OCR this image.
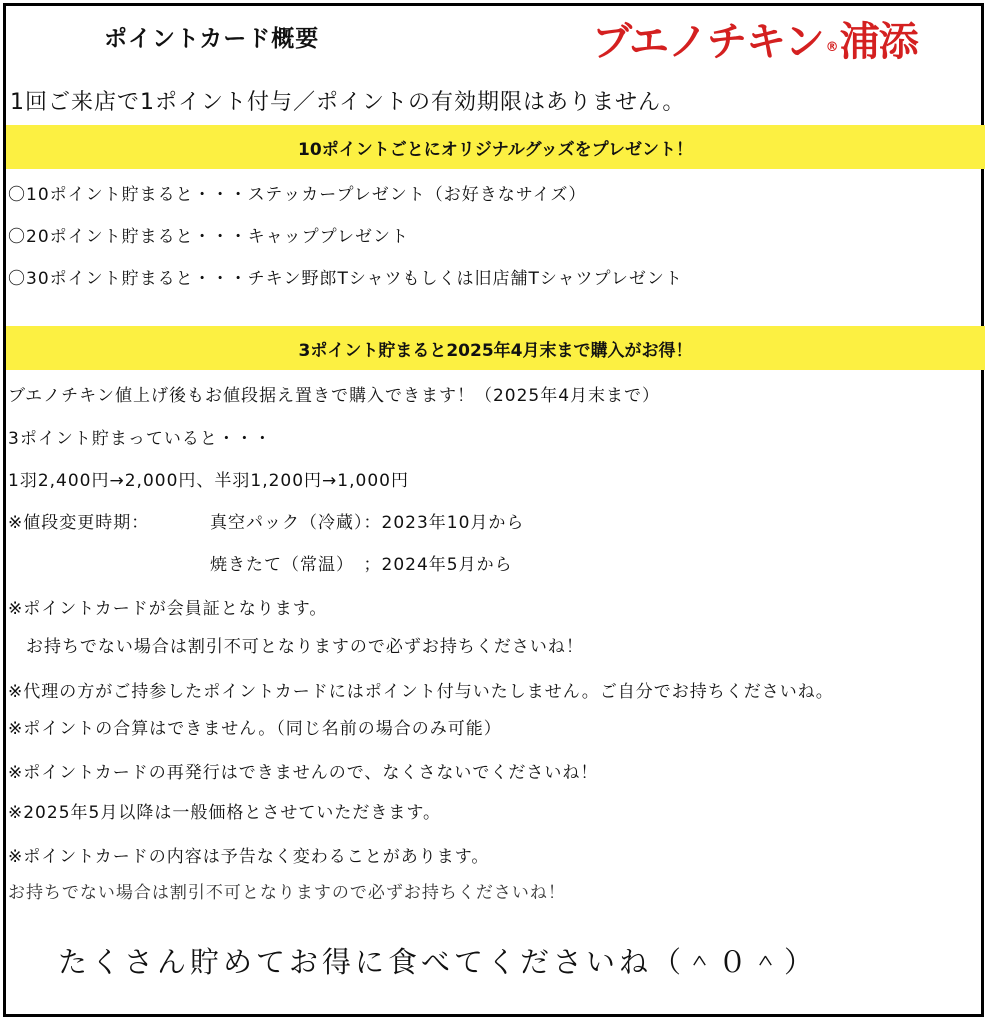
ポイントカード概要	ブエノチキン ®浦添
1回ご来店で1ポイント付与／ポイントの有効期限はありません。
10ポイントごとにオリジナルグッズをプレゼント！
〇10ポイント貯まると・・・ステッカープレゼント（お好きなサイズ）
〇20ポイント貯まると・・・キャッププレゼント
〇30ポイント貯まると・・・チキン野郎Tシャツもしくは旧店舗Tシャツプレゼント
3ポイント貯まると2025年4月末まで購入がお得！
ブエノチキン値上げ後もお値段据え置きで購入できます！（2025年4月末まで）
3ポイント貯まっていると・・・
1羽2,400円→2,000円、半羽1,200円→1,000円
※値段変更時期：	真空パック（冷蔵）：2023年10月から
焼きたて（常温）　；2024年5月から
※ポイントカードが会員証となります。
　お持ちでない場合は割引不可となりますので必ずお持ちくださいね！
※代理の方がご持参したポイントカードにはポイント付与いたしません。ご自分でお持ちくださいね。
※ポイントの合算はできません。（同じ名前の場合のみ可能）
※ポイントカードの再発行はできませんので、なくさないでくださいね！
※2025年5月以降は一般価格とさせていただきます。
※ポイントカードの内容は予告なく変わることがあります。
お持ちでない場合は割引不可となりますので必ずお持ちくださいね！
たくさん貯めてお得に食べてくださいね（＾０＾）
